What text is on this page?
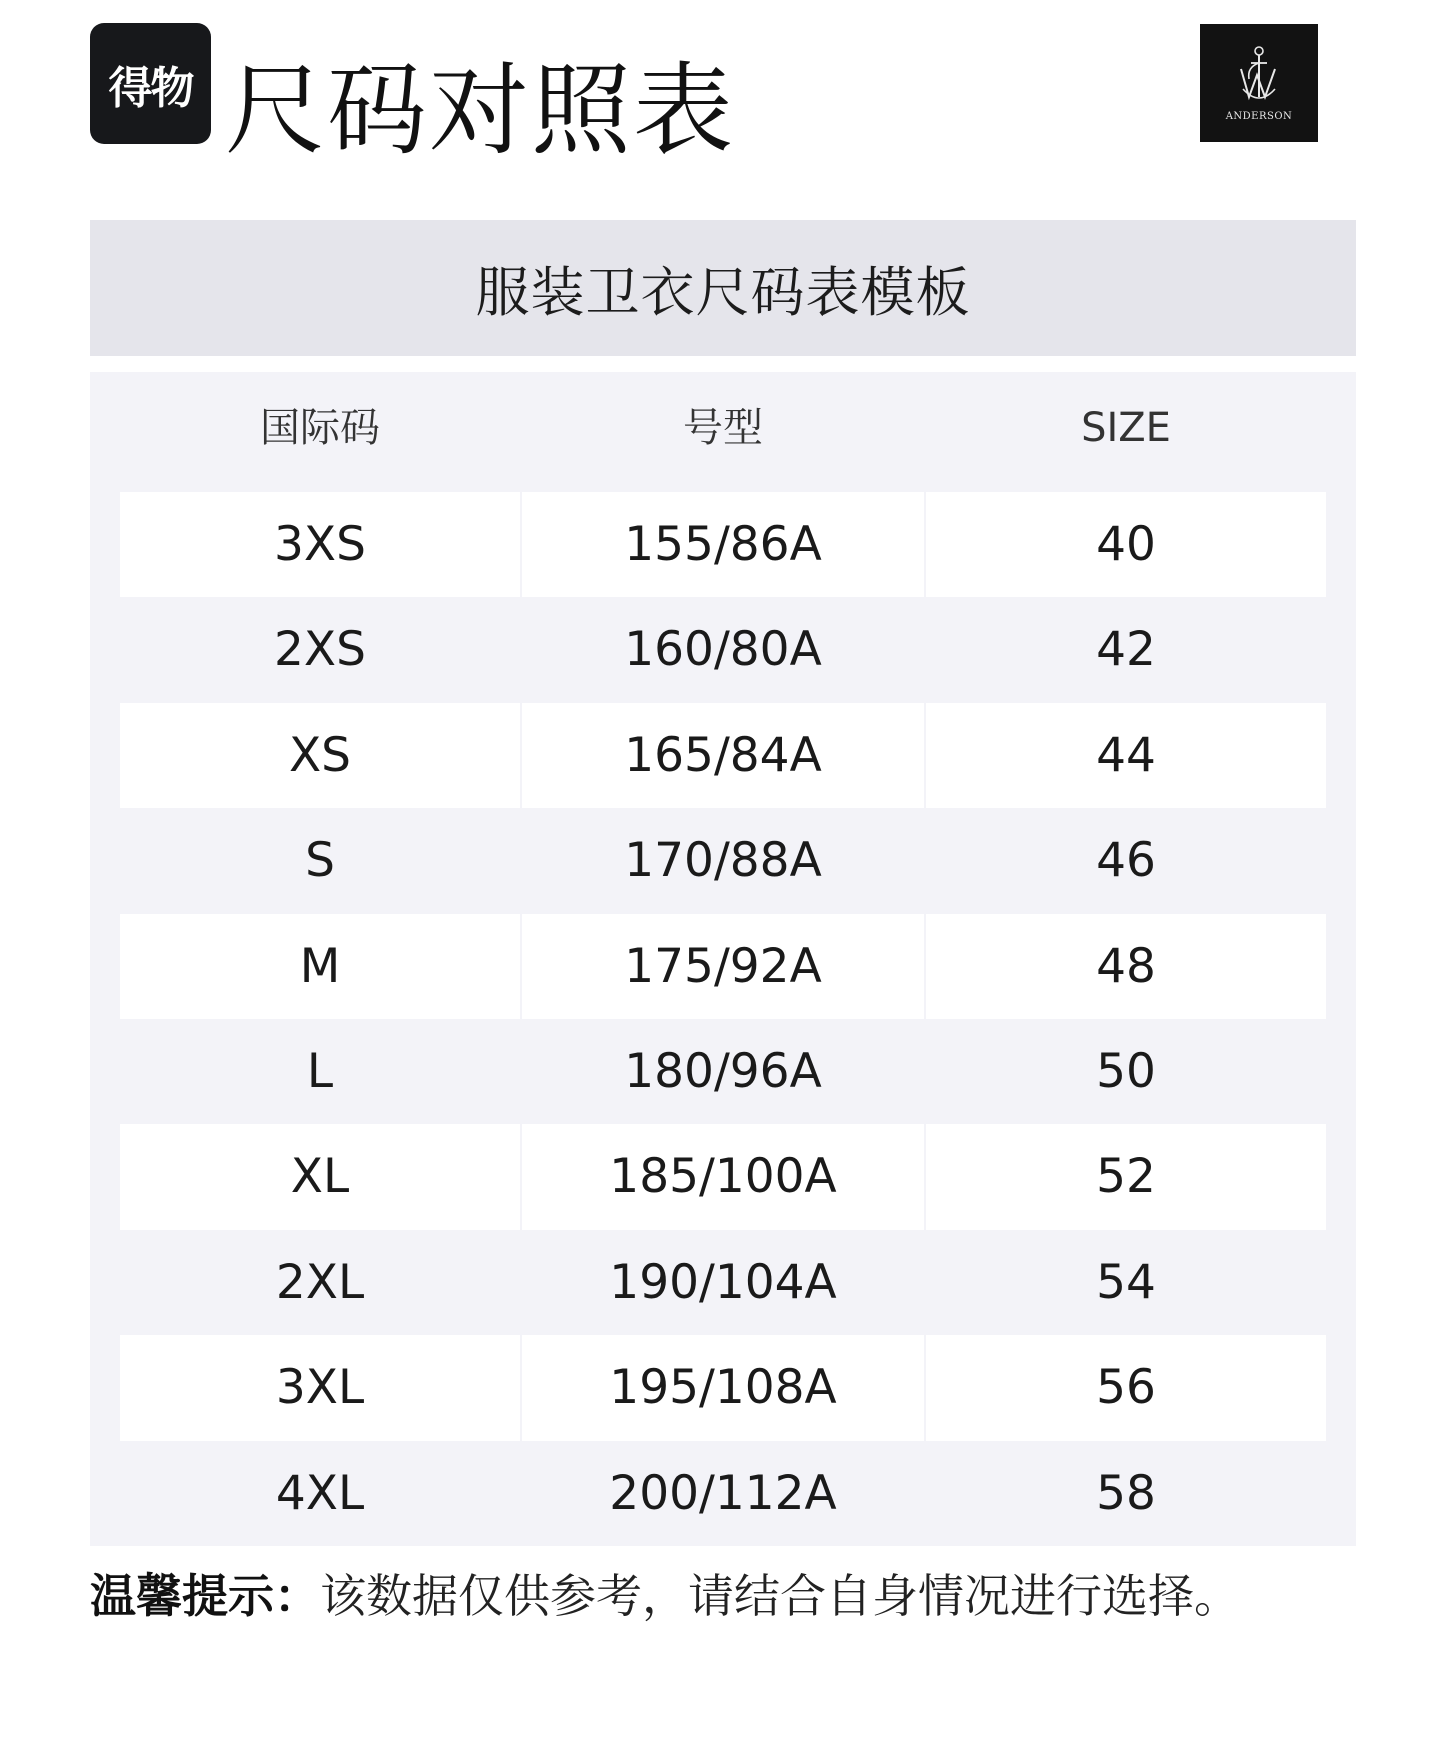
得物 尺码对照表	ANDERSON
服装卫衣尺码表模板
国际码	号型	SIZE
3XS	155/86A	40
2XS	160/80A	42
XS	165/84A	44
S	170/88A	46
M	175/92A	48
L	180/96A	50
XL	185/100A	52
2XL	190/104A	54
3XL	195/108A	56
4XL	200/112A	58
温馨提示：该数据仅供参考，请结合自身情况进行选择。
